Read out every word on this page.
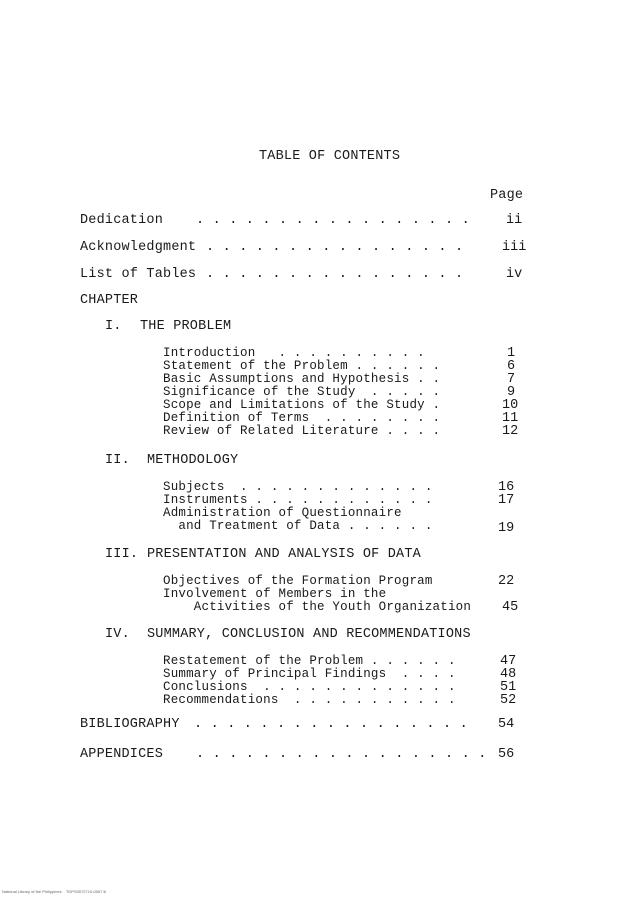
TABLE OF CONTENTS
Page
Dedication . . . . . . . . . . . . . . . . .	ii
Acknowledgment . . . . . . . . . . . . . . . .	iii
List of Tables . . . . . . . . . . . . . . . .	iv
CHAPTER
I. THE PROBLEM
Introduction   . . . . . . . . . .	1
Statement of the Problem . . . . . .	6
Basic Assumptions and Hypothesis . .	7
Significance of the Study  . . . . .	9
Scope and Limitations of the Study .	10
Definition of Terms  . . . . . . . .	11
Review of Related Literature . . . .	12
II. METHODOLOGY
Subjects  . . . . . . . . . . . . .	16
Instruments . . . . . . . . . . . .	17
Administration of Questionnaire
and Treatment of Data . . . . . .	19
III. PRESENTATION AND ANALYSIS OF DATA
Objectives of the Formation Program	22
Involvement of Members in the
Activities of the Youth Organization 45
IV. SUMMARY, CONCLUSION AND RECOMMENDATIONS
Restatement of the Problem . . . . . .	47
Summary of Principal Findings  . . . .	48
Conclusions  . . . . . . . . . . . . .	51
Recommendations  . . . . . . . . . . .	52
BIBLIOGRAPHY . . . . . . . . . . . . . . . . . 54
APPENDICES . . . . . . . . . . . . . . . . . . 56
National Library of the Philippines    TDPS0072710-0067 iii
